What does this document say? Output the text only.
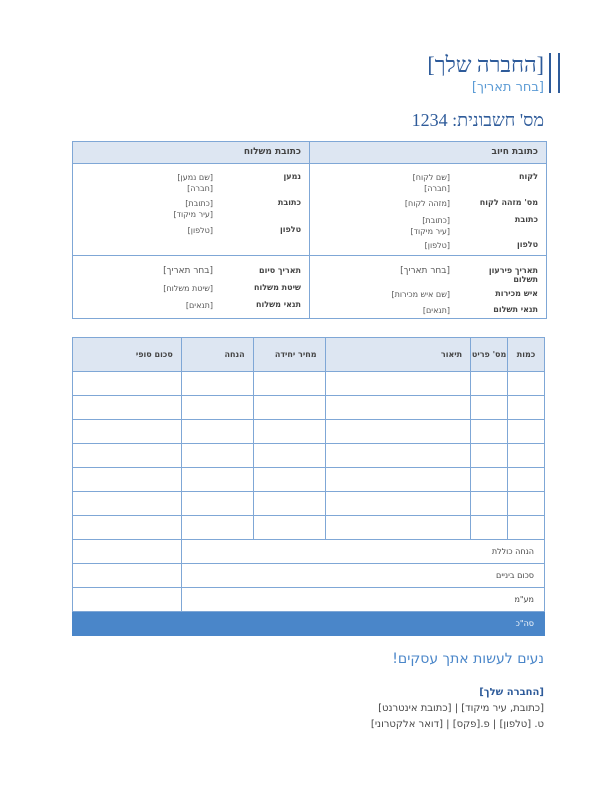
[החברה שלך]
[בחר תאריך]
מס' חשבונית: 1234
כתובת חיוב
לקוח
[שם לקוח]
[חברה]
מס' מזהה לקוח
[מזהה לקוח]
כתובת
[כתובת]
[עיר מיקוד]
טלפון
[טלפון]
תאריך פירעון תשלום
[בחר תאריך]
איש מכירות
[שם איש מכירות]
תנאי תשלום
[תנאים]
כתובת משלוח
נמען
[שם נמען]
[חברה]
כתובת
[כתובת]
[עיר מיקוד]
טלפון
[טלפון]
תאריך סיום
[בחר תאריך]
שיטת משלוח
[שיטת משלוח]
תנאי משלוח
[תנאים]
כמות	מס' פריט	תיאור	מחיר יחידה	הנחה	סכום סופי

הנחה כוללת					
סכום ביניים					
מע"מ					
סה"כ					
נעים לעשות אתך עסקים!
[החברה שלך]
[כתובת, עיר מיקוד] | [כתובת אינטרנט]
ט. [טלפון] | פ.[פקס] | [דואר אלקטרוני]
